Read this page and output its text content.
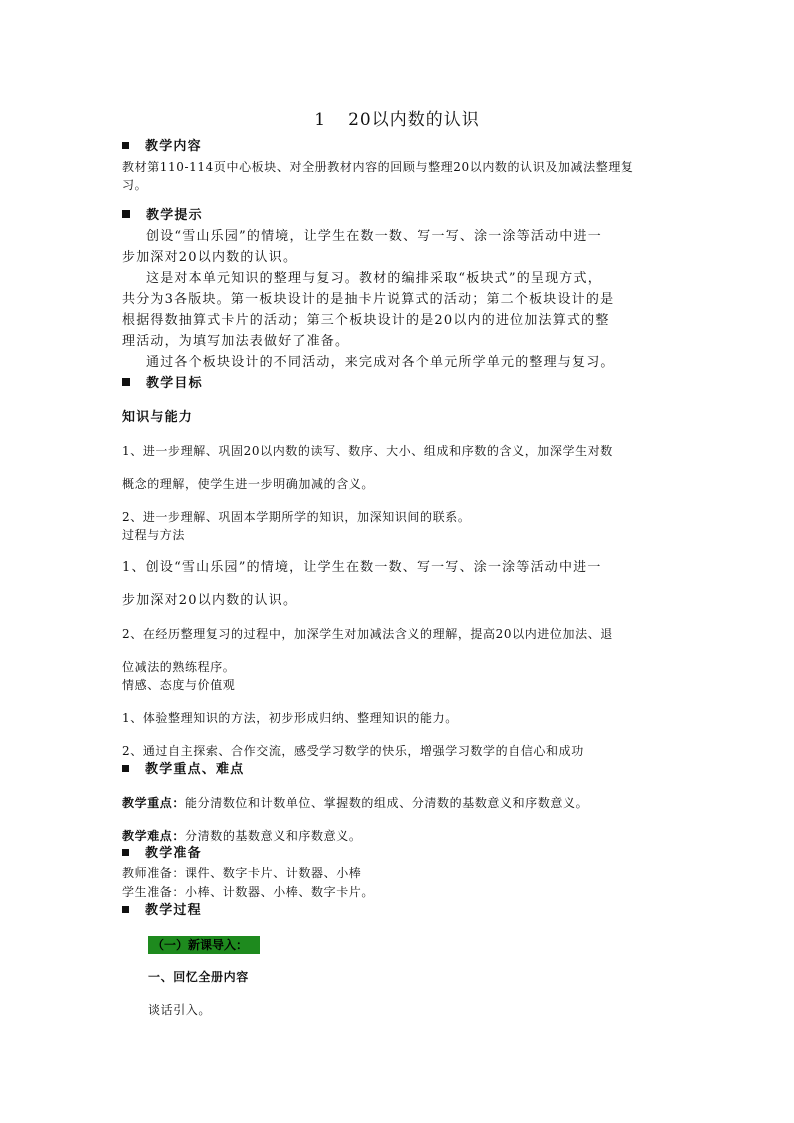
1 20以内数的认识
教学内容
教材第110-114页中心板块、对全册教材内容的回顾与整理20以内数的认识及加减法整理复
习。
教学提示
创设“雪山乐园”的情境，让学生在数一数、写一写、涂一涂等活动中进一
步加深对20以内数的认识。
这是对本单元知识的整理与复习。教材的编排采取“板块式”的呈现方式，
共分为3各版块。第一板块设计的是抽卡片说算式的活动；第二个板块设计的是
根据得数抽算式卡片的活动；第三个板块设计的是20以内的进位加法算式的整
理活动，为填写加法表做好了准备。
通过各个板块设计的不同活动，来完成对各个单元所学单元的整理与复习。
教学目标
知识与能力
1、进一步理解、巩固20以内数的读写、数序、大小、组成和序数的含义，加深学生对数
概念的理解，使学生进一步明确加减的含义。
2、进一步理解、巩固本学期所学的知识，加深知识间的联系。
过程与方法
1、创设“雪山乐园”的情境，让学生在数一数、写一写、涂一涂等活动中进一
步加深对20以内数的认识。
2、在经历整理复习的过程中，加深学生对加减法含义的理解，提高20以内进位加法、退
位减法的熟练程序。
情感、态度与价值观
1、体验整理知识的方法，初步形成归纳、整理知识的能力。
2、通过自主探索、合作交流，感受学习数学的快乐，增强学习数学的自信心和成功
教学重点、难点
教学重点：能分清数位和计数单位、掌握数的组成、分清数的基数意义和序数意义。
教学难点：分清数的基数意义和序数意义。
教学准备
教师准备：课件、数字卡片、计数器、小棒
学生准备：小棒、计数器、小棒、数字卡片。
教学过程
（一）新课导入：
一、回忆全册内容
谈话引入。
